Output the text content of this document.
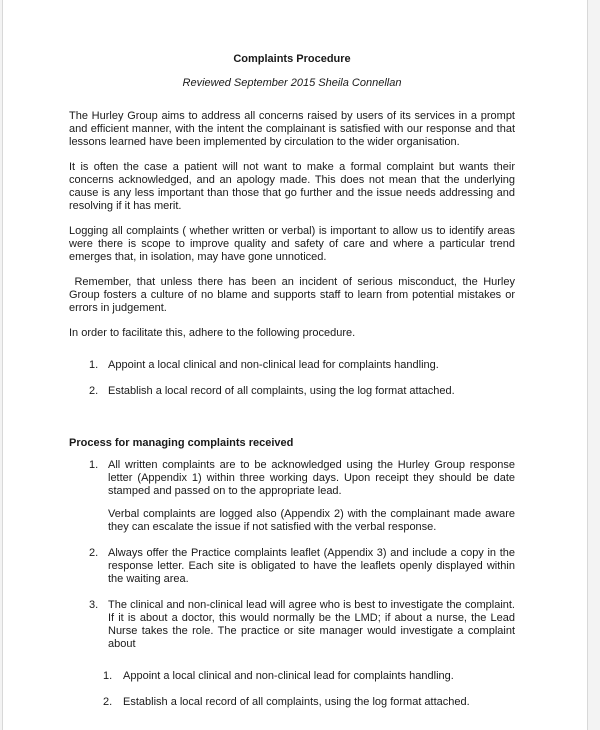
Complaints Procedure
Reviewed September 2015 Sheila Connellan

The Hurley Group aims to address all concerns raised by users of its services in a prompt and efficient manner, with the intent the complainant is satisfied with our response and that lessons learned have been implemented by circulation to the wider organisation.

It is often the case a patient will not want to make a formal complaint but wants their concerns acknowledged, and an apology made. This does not mean that the underlying cause is any less important than those that go further and the issue needs addressing and resolving if it has merit.

Logging all complaints ( whether written or verbal) is important to allow us to identify areas were there is scope to improve quality and safety of care and where a particular trend emerges that, in isolation, may have gone unnoticed.

Remember, that unless there has been an incident of serious misconduct, the Hurley Group fosters a culture of no blame and supports staff to learn from potential mistakes or errors in judgement.

In order to facilitate this, adhere to the following procedure.

1. Appoint a local clinical and non-clinical lead for complaints handling.
2. Establish a local record of all complaints, using the log format attached.
Process for managing complaints received
1. All written complaints are to be acknowledged using the Hurley Group response letter (Appendix 1) within three working days. Upon receipt they should be date stamped and passed on to the appropriate lead.

Verbal complaints are logged also (Appendix 2) with the complainant made aware they can escalate the issue if not satisfied with the verbal response.

2. Always offer the Practice complaints leaflet (Appendix 3) and include a copy in the response letter. Each site is obligated to have the leaflets openly displayed within the waiting area.

3. The clinical and non-clinical lead will agree who is best to investigate the complaint. If it is about a doctor, this would normally be the LMD; if about a nurse, the Lead Nurse takes the role. The practice or site manager would investigate a complaint about

1. Appoint a local clinical and non-clinical lead for complaints handling.
2. Establish a local record of all complaints, using the log format attached.
